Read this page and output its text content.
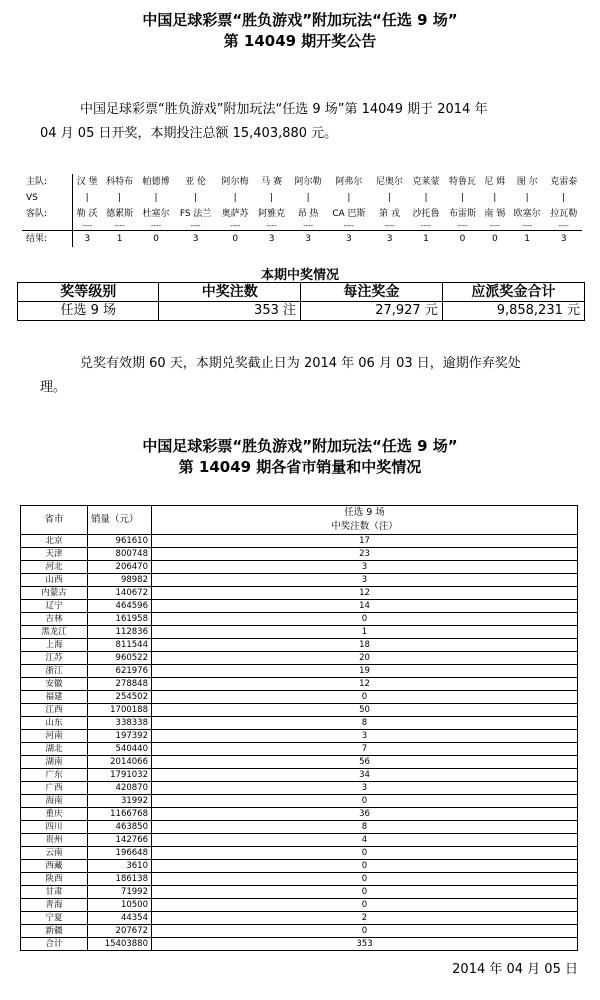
中国足球彩票“胜负游戏”附加玩法“任选 9 场”
第 14049 期开奖公告
中国足球彩票“胜负游戏”附加玩法“任选 9 场”第 14049 期于 2014 年
04 月 05 日开奖，本期投注总额 15,403,880 元。
主队:	汉 堡	科特布	帕德博	亚 伦	阿尔梅	马 赛	阿尔勒	阿弗尔	尼奥尔	克莱蒙	特鲁瓦	尼 姆	图 尔	克雷泰
VS	|	|	|	|	|	|	|	|	|	|	|	|	|	|
客队:	勒 沃	德累斯	杜塞尔	FS 法兰	奥萨苏	阿雅克	昂 热	CA 巴斯	第 戎	沙托鲁	布雷斯	南 锡	欧塞尔	拉瓦勒
	----	----	----	----	----	----	----	----	----	----	----	----	----	----
结果:	3	1	0	3	0	3	3	3	3	1	0	0	1	3
本期中奖情况
奖等级别	中奖注数	每注奖金	应派奖金合计
任选 9 场	353 注	27,927 元	9,858,231 元
兑奖有效期 60 天，本期兑奖截止日为 2014 年 06 月 03 日，逾期作弃奖处
理。
中国足球彩票“胜负游戏”附加玩法“任选 9 场”
第 14049 期各省市销量和中奖情况
省市	销量（元）	任选 9 场
中奖注数（注）

北京	961610	17
天津	800748	23
河北	206470	3
山西	98982	3
内蒙古	140672	12
辽宁	464596	14
吉林	161958	0
黑龙江	112836	1
上海	811544	18
江苏	960522	20
浙江	621976	19
安徽	278848	12
福建	254502	0
江西	1700188	50
山东	338338	8
河南	197392	3
湖北	540440	7
湖南	2014066	56
广东	1791032	34
广西	420870	3
海南	31992	0
重庆	1166768	36
四川	463850	8
贵州	142766	4
云南	196648	0
西藏	3610	0
陕西	186138	0
甘肃	71992	0
青海	10500	0
宁夏	44354	2
新疆	207672	0
合计	15403880	353
2014 年 04 月 05 日
